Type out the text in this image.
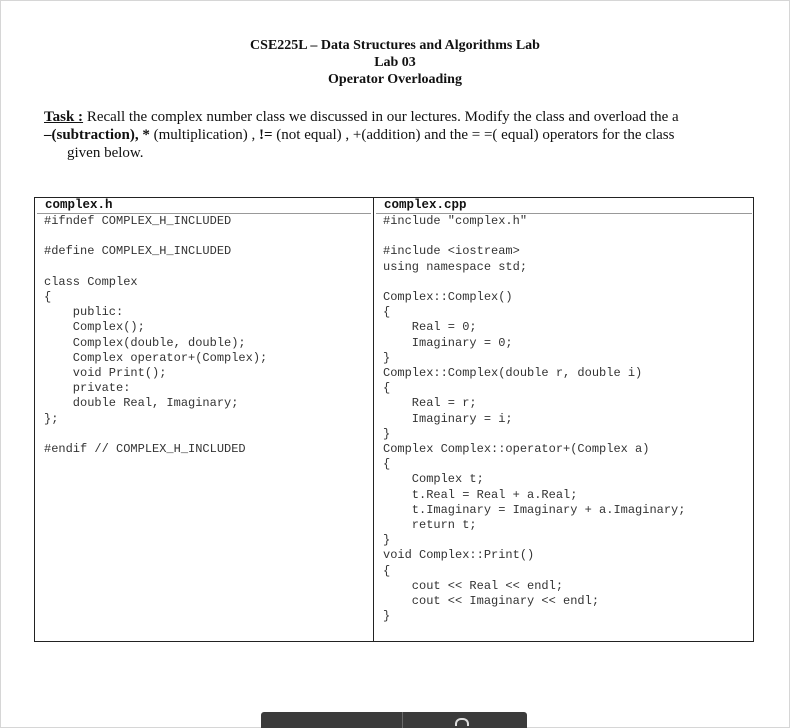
CSE225L – Data Structures and Algorithms Lab
Lab 03
Operator Overloading
Task : Recall the complex number class we discussed in our lectures. Modify the class and overload the a
–(subtraction), * (multiplication) , != (not equal) , +(addition) and the = =( equal) operators for the class
given below.
complex.h
#ifndef COMPLEX_H_INCLUDED

#define COMPLEX_H_INCLUDED

class Complex
{
public:
Complex();
Complex(double, double);
Complex operator+(Complex);
void Print();
private:
double Real, Imaginary;
};

#endif // COMPLEX_H_INCLUDED
complex.cpp
#include "complex.h"

#include <iostream>
using namespace std;

Complex::Complex()
{
Real = 0;
Imaginary = 0;
}
Complex::Complex(double r, double i)
{
Real = r;
Imaginary = i;
}
Complex Complex::operator+(Complex a)
{
Complex t;
t.Real = Real + a.Real;
t.Imaginary = Imaginary + a.Imaginary;
return t;
}
void Complex::Print()
{
cout << Real << endl;
cout << Imaginary << endl;
}
